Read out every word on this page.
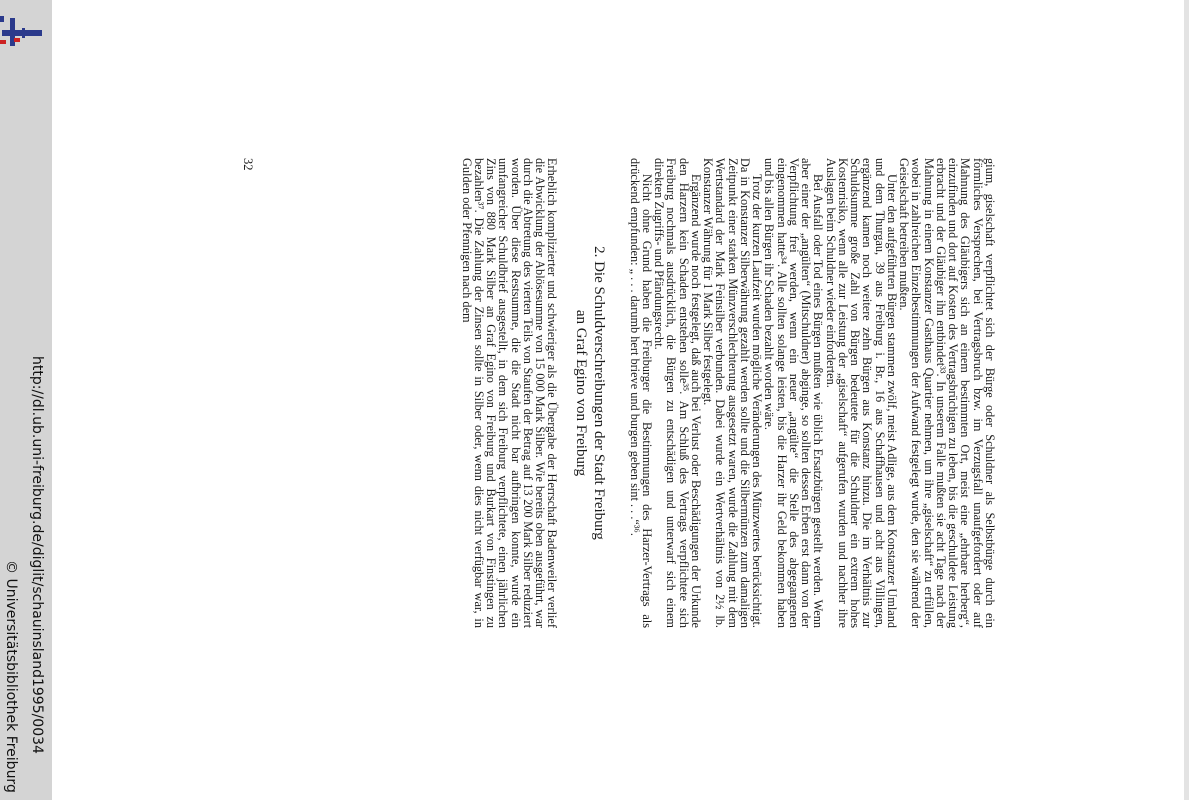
http://dl.ub.uni-freiburg.de/diglit/schauinsland1995/0034
© Universitätsbibliothek Freiburg

gium, giselschaft verpflichtet sich der Bürge oder Schuldner als Selbstbürge durch ein förmliches Versprechen, bei Vertragsbruch bzw. im Verzugsfall unaufgefordert oder auf Mahnung des Gläubigers sich an einem bestimmten Ort, meist eine „ehrbare herberg“, einzufinden und dort auf Kosten des Vertragsbrüchigen zu leben, bis die geschuldete Leistung erbracht und der Gläubiger ihn entbindet³³. In unserem Falle mußten sie acht Tage nach der Mahnung in einem Konstanzer Gasthaus Quartier nehmen, um ihre „giselschaft“ zu erfüllen, wobei in zahlreichen Einzelbestimmungen der Aufwand festgelegt wurde, den sie während der Geiselschaft betreiben mußten.

Unter den aufgeführten Bürgen stammen zwölf, meist Adlige, aus dem Konstanzer Umland und dem Thurgau, 39 aus Freiburg i. Br., 16 aus Schaffhausen und acht aus Villingen, ergänzend kamen noch weitere zehn Bürgen aus Konstanz hinzu. Die im Verhältnis zur Schuldsumme große Zahl von Bürgen bedeutete für die Schuldner ein extrem hohes Kostenrisiko, wenn alle zur Leistung der „giselschaft“ aufgerufen wurden und nachher ihre Auslagen beim Schuldner wieder einforderten.

Bei Ausfall oder Tod eines Bürgen mußten wie üblich Ersatzbürgen gestellt werden. Wenn aber einer der „angülten“ (Mitschuldner) abginge, so sollten dessen Erben erst dann von der Verpflichtung frei werden, wenn ein neuer „angülte“ die Stelle des abgegangenen eingenommen hatte³⁴. Alle sollten solange leisten, bis die Harzer ihr Geld bekommen haben und bis allen Bürgen ihr Schaden bezahlt worden wäre.

Trotz der kurzen Laufzeit wurden mögliche Veränderungen des Münzwertes berücksichtigt. Da in Konstanzer Silberwährung gezahlt werden sollte und die Silbermünzen zum damaligen Zeitpunkt einer starken Münzverschlechterung ausgesetzt waren, wurde die Zahlung mit dem Wertstandard der Mark Feinsilber verbunden. Dabei wurde ein Wertverhältnis von 2½ lb. Konstanzer Währung für 1 Mark Silber festgelegt.

Ergänzend wurde noch festgelegt, daß auch bei Verlust oder Beschädigungen der Urkunde den Harzern kein Schaden entstehen solle³⁵. Am Schluß des Vertrags verpflichtete sich Freiburg nochmals ausdrücklich, die Bürgen zu entschädigen und unterwarf sich einem direkten Zugriffs- und Pfändungsrecht.

Nicht ohne Grund haben die Freiburger die Bestimmungen des Harzer-Vertrags als drückend empfunden: „ . . . darumb hert brieve und burgen geben sint . . .“³⁶.

2. Die Schuldverschreibungen der Stadt Freiburg
an Graf Egino von Freiburg

Erheblich komplizierter und schwieriger als die Übergabe der Herrschaft Badenweiler verlief die Abwicklung der Ablösesumme von 15 000 Mark Silber. Wie bereits oben ausgeführt, war durch die Abtretung des vierten Teils von Staufen der Betrag auf 13 200 Mark Silber reduziert worden. Über diese Restsumme, die die Stadt nicht bar aufbringen konnte, wurde ein umfangreicher Schuldbrief ausgestellt, in dem sich Freiburg verpflichtete, einen jährlichen Zins von 880 Mark Silber an Graf Egino von Freiburg und Burkart von Finstingen zu bezahlen³⁷. Die Zahlung der Zinsen sollte in Silber oder, wenn dies nicht verfügbar war, in Gulden oder Pfennigen nach dem

32
